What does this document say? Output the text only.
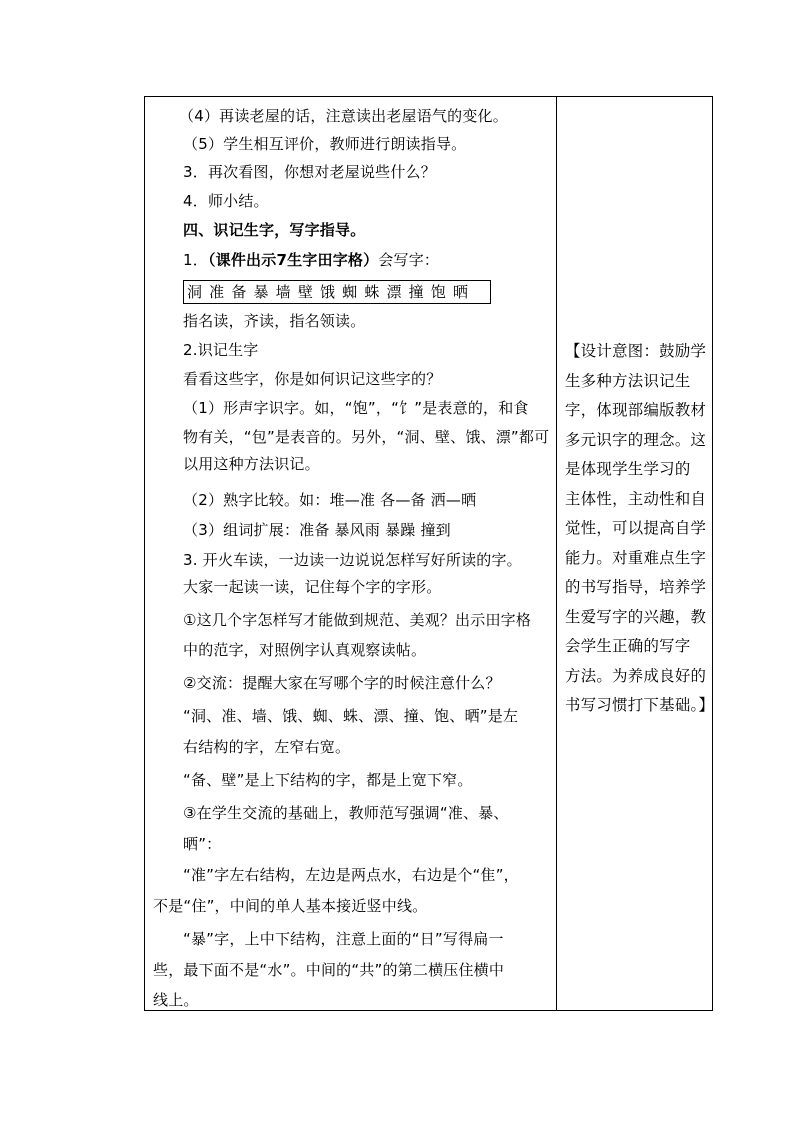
（4）再读老屋的话，注意读出老屋语气的变化。
（5）学生相互评价，教师进行朗读指导。
3．再次看图，你想对老屋说些什么？
4．师小结。
四、识记生字，写字指导。
1．（课件出示7生字田字格）会写字：
洞 准 备 暴 墙 壁 饿 蜘 蛛 漂 撞 饱 晒
指名读，齐读，指名领读。
2.识记生字
看看这些字，你是如何识记这些字的？
（1）形声字识字。如，“饱”，“饣”是表意的，和食
物有关，“包”是表音的。另外，“洞、壁、饿、漂”都可
以用这种方法识记。
（2）熟字比较。如：堆—准 各—备 洒—晒
（3）组词扩展：准备 暴风雨 暴躁 撞到
3. 开火车读，一边读一边说说怎样写好所读的字。
大家一起读一读，记住每个字的字形。
①这几个字怎样写才能做到规范、美观？出示田字格
中的范字，对照例字认真观察读帖。
②交流：提醒大家在写哪个字的时候注意什么？
“洞、准、墙、饿、蜘、蛛、漂、撞、饱、晒”是左
右结构的字，左窄右宽。
“备、壁”是上下结构的字，都是上宽下窄。
③在学生交流的基础上，教师范写强调“准、暴、
晒”：
“准”字左右结构，左边是两点水，右边是个“隹”，
不是“住”，中间的单人基本接近竖中线。
“暴”字，上中下结构，注意上面的“日”写得扁一
些，最下面不是“水”。中间的“共”的第二横压住横中
线上。
【设计意图：鼓励学
生多种方法识记生
字，体现部编版教材
多元识字的理念。这
是体现学生学习的
主体性，主动性和自
觉性，可以提高自学
能力。对重难点生字
的书写指导，培养学
生爱写字的兴趣，教
会学生正确的写字
方法。为养成良好的
书写习惯打下基础。】
